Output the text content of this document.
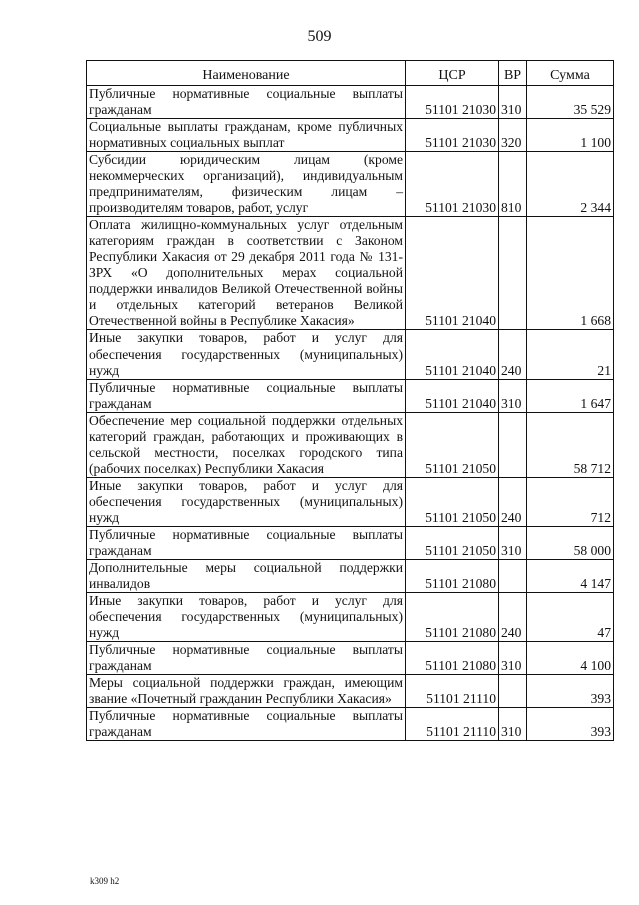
509
Наименование	ЦСР	ВР	Сумма
Публичные нормативные социальные выплаты гражданам	51101 21030	310	35 529
Социальные выплаты гражданам, кроме публичных нормативных социальных выплат	51101 21030	320	1 100
Субсидии юридическим лицам (кроме некоммерческих организаций), индивидуальным предпринимателям, физическим лицам – производителям товаров, работ, услуг	51101 21030	810	2 344
Оплата жилищно-коммунальных услуг отдельным категориям граждан в соответствии с Законом Республики Хакасия от 29 декабря 2011 года № 131-ЗРХ «О дополнительных мерах социальной поддержки инвалидов Великой Отечественной войны и отдельных категорий ветеранов Великой Отечественной войны в Республике Хакасия»	51101 21040		1 668
Иные закупки товаров, работ и услуг для обеспечения государственных (муниципальных) нужд	51101 21040	240	21
Публичные нормативные социальные выплаты гражданам	51101 21040	310	1 647
Обеспечение мер социальной поддержки отдельных категорий граждан, работающих и проживающих в сельской местности, поселках городского типа (рабочих поселках) Республики Хакасия	51101 21050		58 712
Иные закупки товаров, работ и услуг для обеспечения государственных (муниципальных) нужд	51101 21050	240	712
Публичные нормативные социальные выплаты гражданам	51101 21050	310	58 000
Дополнительные меры социальной поддержки инвалидов	51101 21080		4 147
Иные закупки товаров, работ и услуг для обеспечения государственных (муниципальных) нужд	51101 21080	240	47
Публичные нормативные социальные выплаты гражданам	51101 21080	310	4 100
Меры социальной поддержки граждан, имеющим звание «Почетный гражданин Республики Хакасия»	51101 21110		393
Публичные нормативные социальные выплаты гражданам	51101 21110	310	393
k309 h2
